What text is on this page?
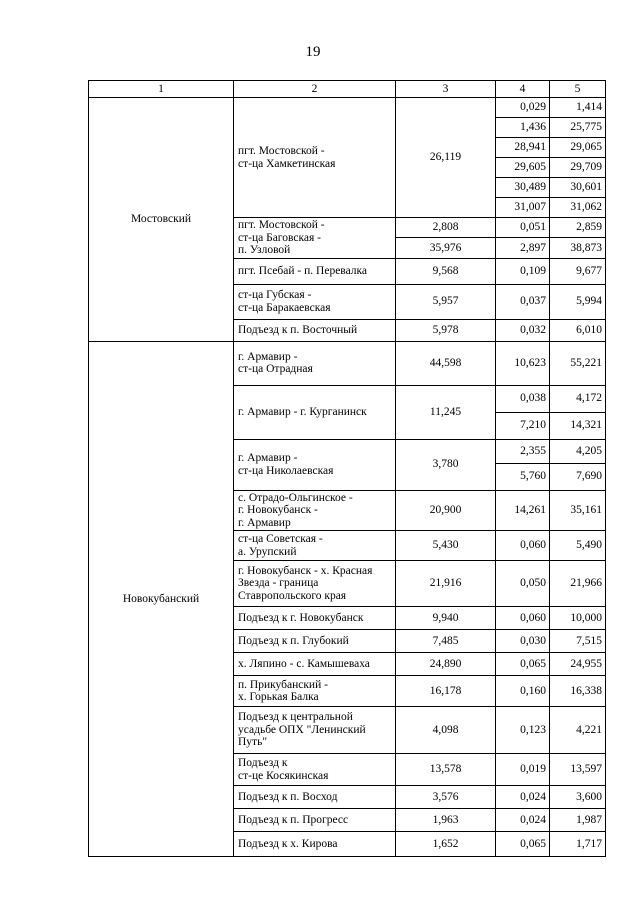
19
1	2	3	4	5
Мостовский	пгт. Мостовской -
ст-ца Хамкетинская	26,119	0,029	1,414
			1,436	25,775
			28,941	29,065
			29,605	29,709
			30,489	30,601
			31,007	31,062

	пгт. Мостовской -
ст-ца Баговская -
п. Узловой	2,808	0,051	2,859
		35,976	2,897	38,873

	пгт. Псебай - п. Перевалка	9,568	0,109	9,677

	ст-ца Губская -
ст-ца Баракаевская	5,957	0,037	5,994

	Подъезд к п. Восточный	5,978	0,032	6,010
Новокубанский	г. Армавир -
ст-ца Отрадная	44,598	10,623	55,221

	г. Армавир - г. Курганинск	11,245	0,038	4,172
			7,210	14,321

	г. Армавир -
ст-ца Николаевская	3,780	2,355	4,205
			5,760	7,690

	с. Отрадо-Ольгинское -
г. Новокубанск -
г. Армавир	20,900	14,261	35,161

	ст-ца Советская -
а. Урупский	5,430	0,060	5,490

	г. Новокубанск - х. Красная
Звезда - граница
Ставропольского края	21,916	0,050	21,966

	Подъезд к г. Новокубанск	9,940	0,060	10,000

	Подъезд к п. Глубокий	7,485	0,030	7,515

	х. Ляпино - с. Камышеваха	24,890	0,065	24,955

	п. Прикубанский -
х. Горькая Балка	16,178	0,160	16,338

	Подъезд к центральной
усадьбе ОПХ "Ленинский
Путь"	4,098	0,123	4,221

	Подъезд к
ст-це Косякинская	13,578	0,019	13,597

	Подъезд к п. Восход	3,576	0,024	3,600

	Подъезд к п. Прогресс	1,963	0,024	1,987

	Подъезд к х. Кирова	1,652	0,065	1,717
